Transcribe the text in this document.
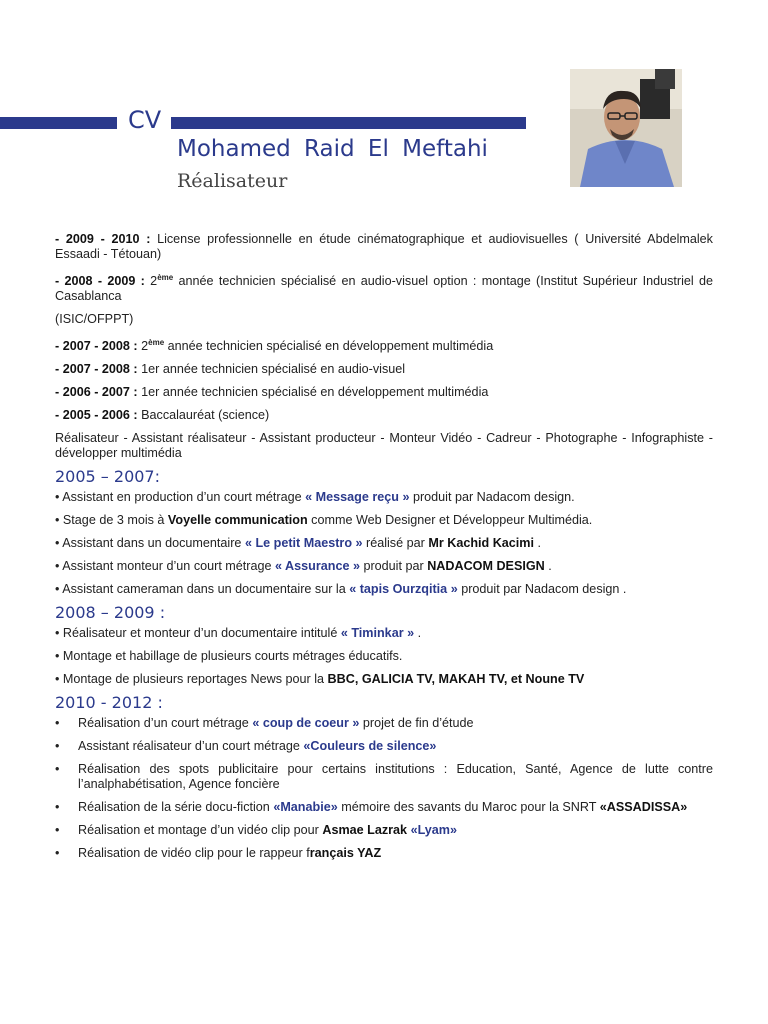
CV
Mohamed Raid El Meftahi
Réalisateur

- 2009 - 2010 : License professionnelle en étude cinématographique et audiovisuelles ( Université Abdelmalek Essaadi - Tétouan)

- 2008 - 2009 : 2ème année technicien spécialisé en audio-visuel option : montage (Institut Supérieur Industriel de Casablanca

(ISIC/OFPPT)

- 2007 - 2008 : 2ème année technicien spécialisé en développement multimédia

- 2007 - 2008 : 1er année technicien spécialisé en audio-visuel

- 2006 - 2007 : 1er année technicien spécialisé en développement multimédia

- 2005 - 2006 : Baccalauréat (science)

Réalisateur - Assistant réalisateur - Assistant producteur - Monteur Vidéo - Cadreur - Photographe - Infographiste - développer multimédia

2005 – 2007:
• Assistant en production d’un court métrage « Message reçu » produit par Nadacom design.
• Stage de 3 mois à Voyelle communication comme Web Designer et Développeur Multimédia.
• Assistant dans un documentaire « Le petit Maestro » réalisé par Mr Kachid Kacimi .
• Assistant monteur d’un court métrage « Assurance » produit par NADACOM DESIGN .
• Assistant cameraman dans un documentaire sur la « tapis Ourzqitia » produit par Nadacom design .
2008 – 2009 :
• Réalisateur et monteur d’un documentaire intitulé « Timinkar » .
• Montage et habillage de plusieurs courts métrages éducatifs.
• Montage de plusieurs reportages News pour la BBC, GALICIA TV, MAKAH TV, et Noune TV
2010 - 2012 :
•	Réalisation d’un court métrage « coup de coeur » projet de fin d’étude
•	Assistant réalisateur d’un court métrage «Couleurs de silence»
•	Réalisation des spots publicitaire pour certains institutions : Education, Santé, Agence de lutte contre l’analphabétisation, Agence foncière
•	Réalisation de la série docu-fiction «Manabie» mémoire des savants du Maroc pour la SNRT «ASSADISSA»
•	Réalisation et montage d’un vidéo clip pour Asmae Lazrak «Lyam»
•	Réalisation de vidéo clip pour le rappeur français YAZ
